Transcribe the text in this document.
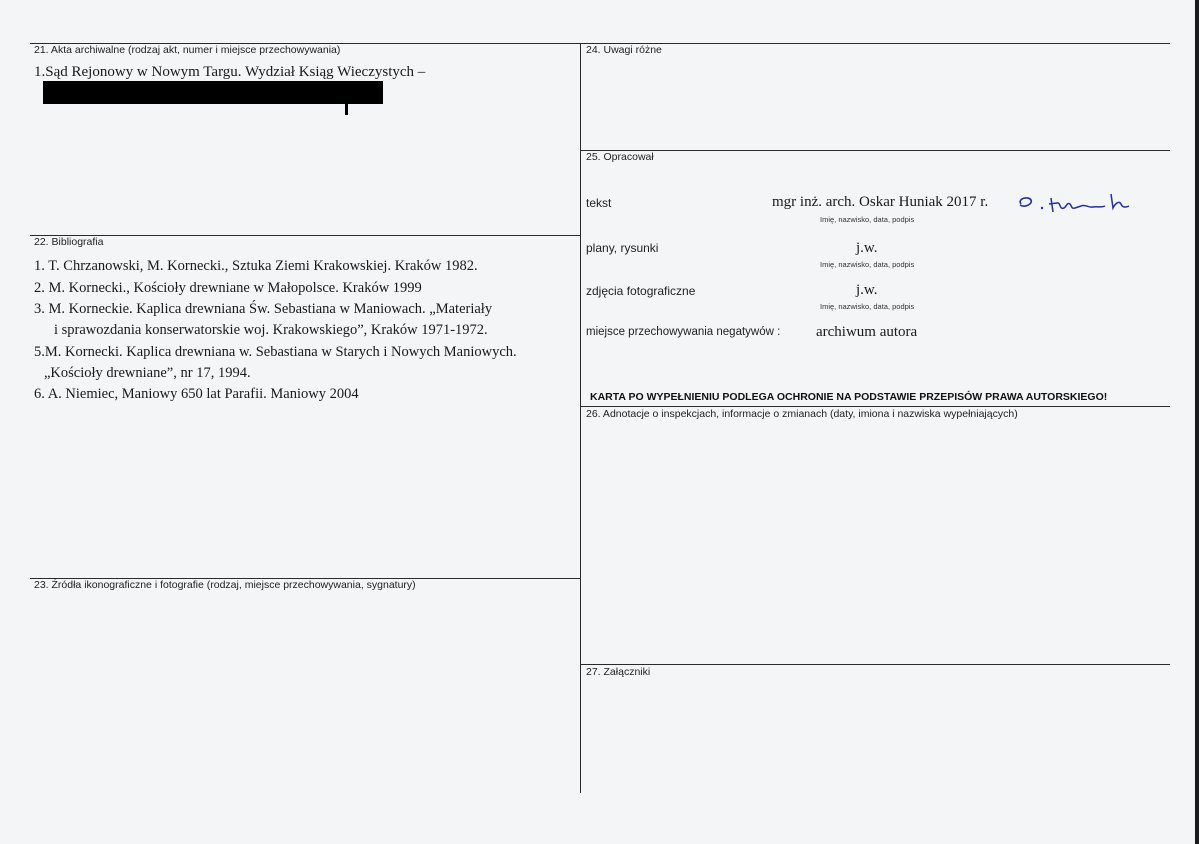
21. Akta archiwalne (rodzaj akt, numer i miejsce przechowywania)
1.Sąd Rejonowy w Nowym Targu. Wydział Ksiąg Wieczystych –
22. Bibliografia
1. T. Chrzanowski, M. Kornecki., Sztuka Ziemi Krakowskiej. Kraków 1982.
2. M. Kornecki., Kościoły drewniane w Małopolsce. Kraków 1999
3. M. Korneckie. Kaplica drewniana Św. Sebastiana w Maniowach. „Materiały
i sprawozdania konserwatorskie woj. Krakowskiego”, Kraków 1971-1972.
5.M. Kornecki. Kaplica drewniana w. Sebastiana w Starych i Nowych Maniowych.
„Kościoły drewniane”, nr 17, 1994.
6. A. Niemiec, Maniowy 650 lat Parafii. Maniowy 2004
23. Źródła ikonograficzne i fotografie (rodzaj, miejsce przechowywania, sygnatury)
24. Uwagi różne
25. Opracował
tekst	mgr inż. arch. Oskar Huniak 2017 r.
Imię, nazwisko, data, podpis
plany, rysunki	j.w.
Imię, nazwisko, data, podpis
zdjęcia fotograficzne	j.w.
Imię, nazwisko, data, podpis
miejsce przechowywania negatywów : archiwum autora
KARTA PO WYPEŁNIENIU PODLEGA OCHRONIE NA PODSTAWIE PRZEPISÓW PRAWA AUTORSKIEGO!
26. Adnotacje o inspekcjach, informacje o zmianach (daty, imiona i nazwiska wypełniających)
27. Załączniki
